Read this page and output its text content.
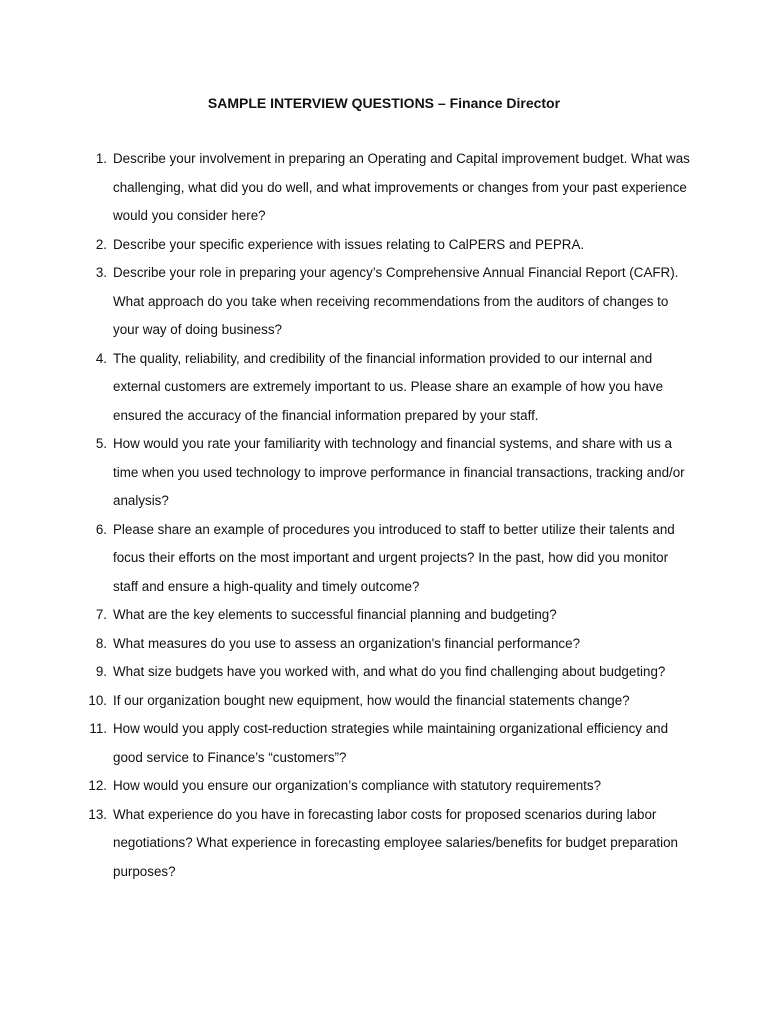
SAMPLE INTERVIEW QUESTIONS – Finance Director
1. Describe your involvement in preparing an Operating and Capital improvement budget. What was challenging, what did you do well, and what improvements or changes from your past experience would you consider here?
2. Describe your specific experience with issues relating to CalPERS and PEPRA.
3. Describe your role in preparing your agency’s Comprehensive Annual Financial Report (CAFR). What approach do you take when receiving recommendations from the auditors of changes to your way of doing business?
4. The quality, reliability, and credibility of the financial information provided to our internal and external customers are extremely important to us. Please share an example of how you have ensured the accuracy of the financial information prepared by your staff.
5. How would you rate your familiarity with technology and financial systems, and share with us a time when you used technology to improve performance in financial transactions, tracking and/or analysis?
6. Please share an example of procedures you introduced to staff to better utilize their talents and focus their efforts on the most important and urgent projects? In the past, how did you monitor staff and ensure a high-quality and timely outcome?
7. What are the key elements to successful financial planning and budgeting?
8. What measures do you use to assess an organization's financial performance?
9. What size budgets have you worked with, and what do you find challenging about budgeting?
10. If our organization bought new equipment, how would the financial statements change?
11. How would you apply cost-reduction strategies while maintaining organizational efficiency and good service to Finance’s “customers”?
12. How would you ensure our organization’s compliance with statutory requirements?
13. What experience do you have in forecasting labor costs for proposed scenarios during labor negotiations? What experience in forecasting employee salaries/benefits for budget preparation purposes?
